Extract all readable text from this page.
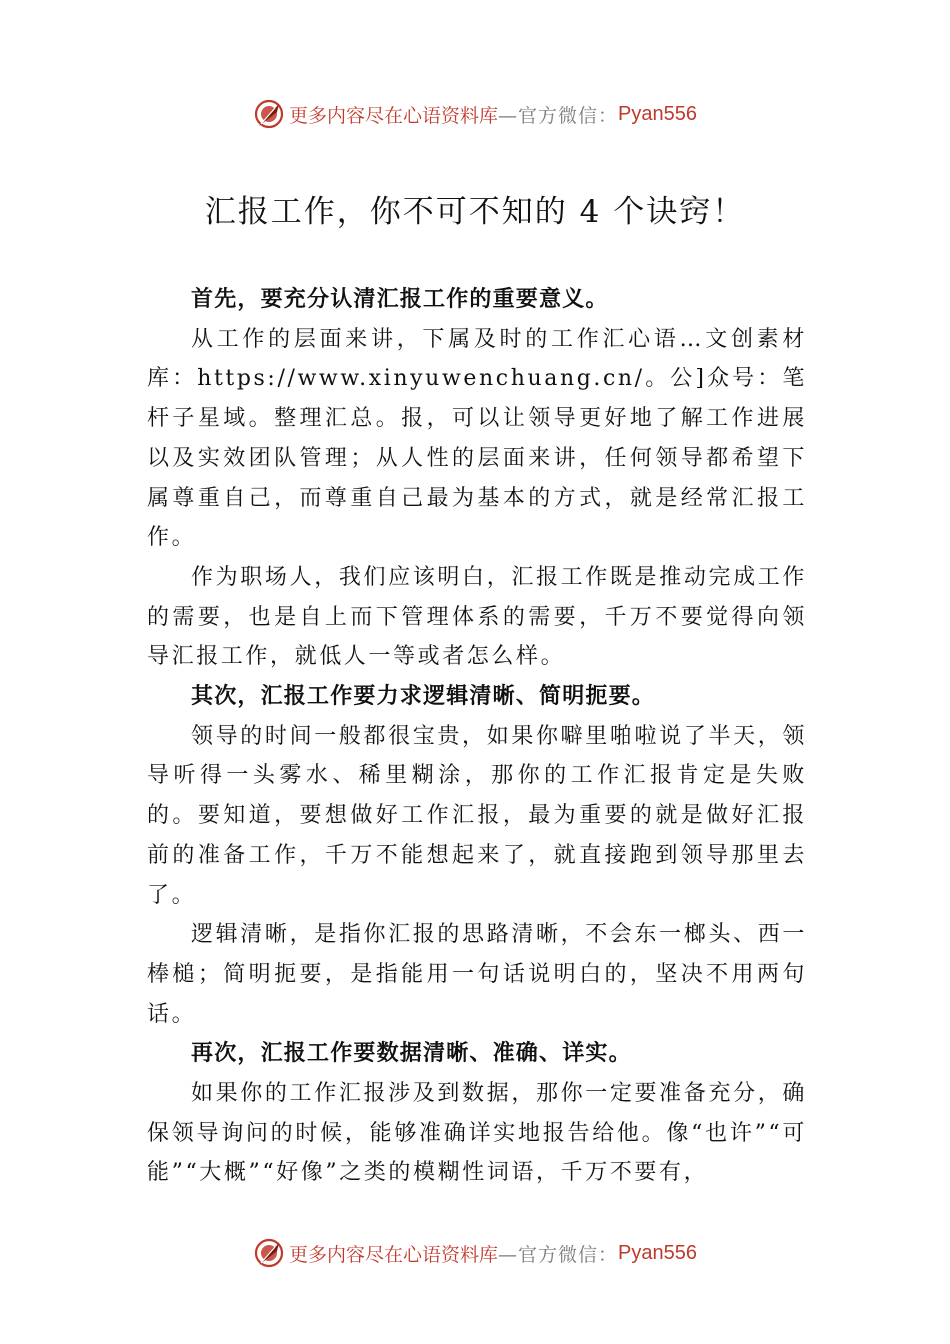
更多内容尽在心语资料库 —官方微信： Pyan556
汇报工作，你不可不知的 4 个诀窍！

首先，要充分认清汇报工作的重要意义。

从工作的层面来讲，下属及时的工作汇心语…文创素材库：https://www.xinyuwenchuang.cn/。公]众号：笔杆子星域。整理汇总。报，可以让领导更好地了解工作进展以及实效团队管理；从人性的层面来讲，任何领导都希望下属尊重自己，而尊重自己最为基本的方式，就是经常汇报工作。

作为职场人，我们应该明白，汇报工作既是推动完成工作的需要，也是自上而下管理体系的需要，千万不要觉得向领导汇报工作，就低人一等或者怎么样。

其次，汇报工作要力求逻辑清晰、简明扼要。

领导的时间一般都很宝贵，如果你噼里啪啦说了半天，领导听得一头雾水、稀里糊涂，那你的工作汇报肯定是失败的。要知道，要想做好工作汇报，最为重要的就是做好汇报前的准备工作，千万不能想起来了，就直接跑到领导那里去了。

逻辑清晰，是指你汇报的思路清晰，不会东一榔头、西一棒槌；简明扼要，是指能用一句话说明白的，坚决不用两句话。

再次，汇报工作要数据清晰、准确、详实。

如果你的工作汇报涉及到数据，那你一定要准备充分，确保领导询问的时候，能够准确详实地报告给他。像“也许”“可能”“大概”“好像”之类的模糊性词语，千万不要有，

更多内容尽在心语资料库 —官方微信： Pyan556
